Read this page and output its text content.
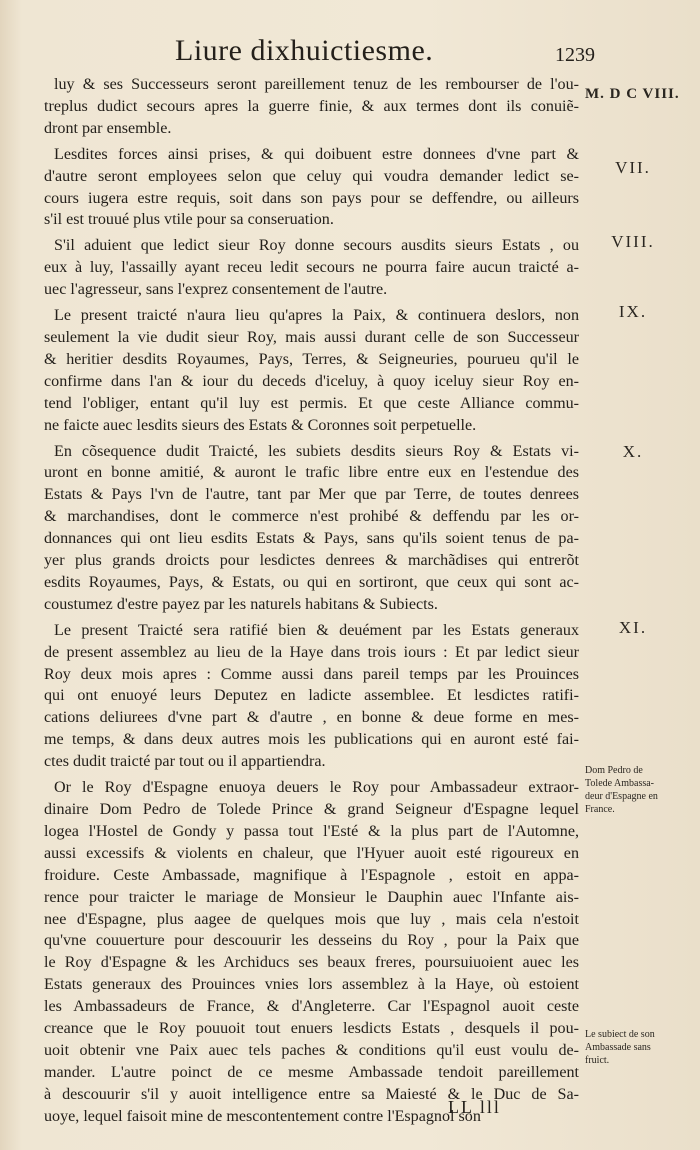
Liure dixhuictiesme.	1239

luy & ses Successeurs seront pareillement tenuz de les rembourser de l'ou-
treplus dudict secours apres la guerre finie, & aux termes dont ils conuiẽ-
dront par ensemble.

Lesdites forces ainsi prises, & qui doibuent estre donnees d'vne part &
d'autre seront employees selon que celuy qui voudra demander ledict se-
cours iugera estre requis, soit dans son pays pour se deffendre, ou ailleurs
s'il est trouué plus vtile pour sa conseruation.

S'il aduient que ledict sieur Roy donne secours ausdits sieurs Estats , ou
eux à luy, l'assailly ayant receu ledit secours ne pourra faire aucun traicté a-
uec l'agresseur, sans l'exprez consentement de l'autre.

Le present traicté n'aura lieu qu'apres la Paix, & continuera deslors, non
seulement la vie dudit sieur Roy, mais aussi durant celle de son Successeur
& heritier desdits Royaumes, Pays, Terres, & Seigneuries, pourueu qu'il le
confirme dans l'an & iour du deceds d'iceluy, à quoy iceluy sieur Roy en-
tend l'obliger, entant qu'il luy est permis. Et que ceste Alliance commu-
ne faicte auec lesdits sieurs des Estats & Coronnes soit perpetuelle.

En cõsequence dudit Traicté, les subiets desdits sieurs Roy & Estats vi-
uront en bonne amitié, & auront le trafic libre entre eux en l'estendue des
Estats & Pays l'vn de l'autre, tant par Mer que par Terre, de toutes denrees
& marchandises, dont le commerce n'est prohibé & deffendu par les or-
donnances qui ont lieu esdits Estats & Pays, sans qu'ils soient tenus de pa-
yer plus grands droicts pour lesdictes denrees & marchãdises qui entrerõt
esdits Royaumes, Pays, & Estats, ou qui en sortiront, que ceux qui sont ac-
coustumez d'estre payez par les naturels habitans & Subiects.

Le present Traicté sera ratifié bien & deuément par les Estats generaux
de present assemblez au lieu de la Haye dans trois iours : Et par ledict sieur
Roy deux mois apres : Comme aussi dans pareil temps par les Prouinces
qui ont enuoyé leurs Deputez en ladicte assemblee. Et lesdictes ratifi-
cations deliurees d'vne part & d'autre , en bonne & deue forme en mes-
me temps, & dans deux autres mois les publications qui en auront esté fai-
ctes dudit traicté par tout ou il appartiendra.

Or le Roy d'Espagne enuoya deuers le Roy pour Ambassadeur extraor-
dinaire Dom Pedro de Tolede Prince & grand Seigneur d'Espagne lequel
logea l'Hostel de Gondy y passa tout l'Esté & la plus part de l'Automne,
aussi excessifs & violents en chaleur, que l'Hyuer auoit esté rigoureux en
froidure. Ceste Ambassade, magnifique à l'Espagnole , estoit en appa-
rence pour traicter le mariage de Monsieur le Dauphin auec l'Infante ais-
nee d'Espagne, plus aagee de quelques mois que luy , mais cela n'estoit
qu'vne couuerture pour descouurir les desseins du Roy , pour la Paix que
le Roy d'Espagne & les Archiducs ses beaux freres, poursuiuoient auec les
Estats generaux des Prouinces vnies lors assemblez à la Haye, où estoient
les Ambassadeurs de France, & d'Angleterre. Car l'Espagnol auoit ceste
creance que le Roy pouuoit tout enuers lesdicts Estats , desquels il pou-
uoit obtenir vne Paix auec tels paches & conditions qu'il eust voulu de-
mander. L'autre poinct de ce mesme Ambassade tendoit pareillement
à descouurir s'il y auoit intelligence entre sa Maiesté & le Duc de Sa-
uoye, lequel faisoit mine de mescontentement contre l'Espagnol son

M. D C VIII.
VII.
VIII.
IX.
X.
XI.
Dom Pedro de
Tolede Ambassa-
deur d'Espagne en
France.
Le subiect de son
Ambassade sans
fruict.
LL lll
